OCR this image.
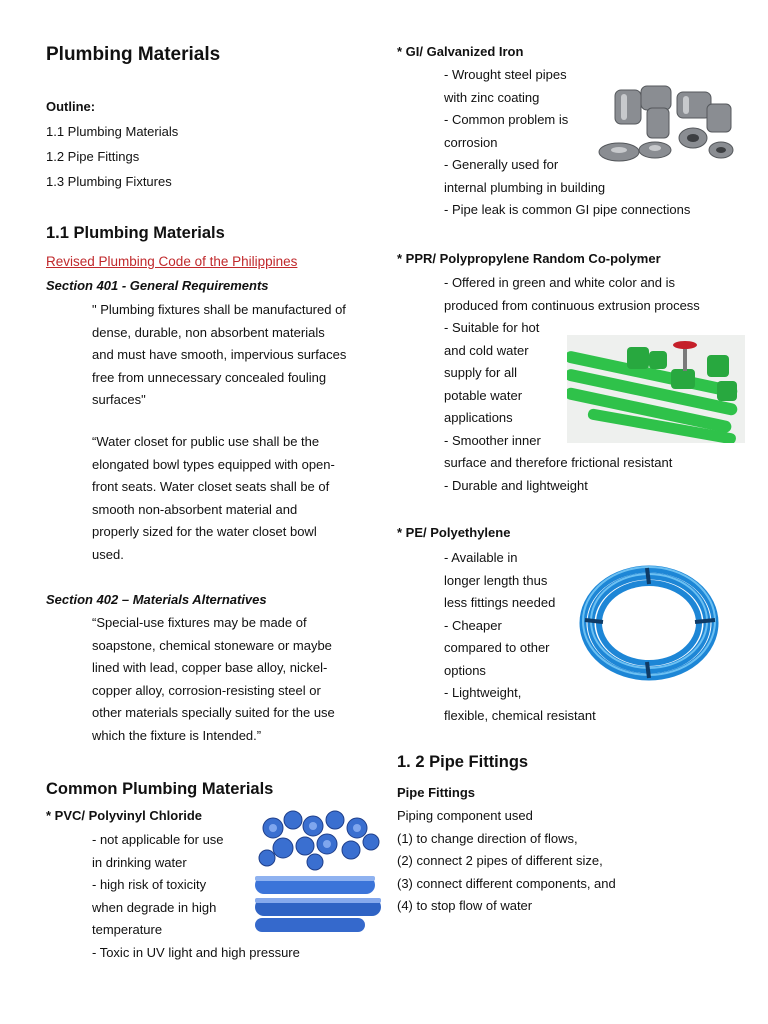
Plumbing Materials
Outline:
1.1 Plumbing Materials
1.2 Pipe Fittings
1.3 Plumbing Fixtures
1.1 Plumbing Materials
Revised Plumbing Code of the Philippines
Section 401 - General Requirements
" Plumbing fixtures shall be manufactured of
dense, durable, non absorbent materials
and must have smooth, impervious surfaces
free from unnecessary concealed fouling
surfaces"
“Water closet for public use shall be the
elongated bowl types equipped with open-
front seats. Water closet seats shall be of
smooth non-absorbent material and
properly sized for the water closet bowl
used.
Section 402 – Materials Alternatives
“Special-use fixtures may be made of
soapstone, chemical stoneware or maybe
lined with lead, copper base alloy, nickel-
copper alloy, corrosion-resisting steel or
other materials specially suited for the use
which the fixture is Intended.”
Common Plumbing Materials
* PVC/ Polyvinyl Chloride
- not applicable for use
in drinking water
- high risk of toxicity
when degrade in high
temperature
- Toxic in UV light and high pressure
* GI/ Galvanized Iron
- Wrought steel pipes
with zinc coating
- Common problem is
corrosion
- Generally used for
internal plumbing in building
- Pipe leak is common GI pipe connections
* PPR/ Polypropylene Random Co-polymer
- Offered in green and white color and is
produced from continuous extrusion process
- Suitable for hot
and cold water
supply for all
potable water
applications
- Smoother inner
surface and therefore frictional resistant
- Durable and lightweight
* PE/ Polyethylene
- Available in
longer length thus
less fittings needed
- Cheaper
compared to other
options
- Lightweight,
flexible, chemical resistant
1. 2 Pipe Fittings
Pipe Fittings
Piping component used
(1) to change direction of flows,
(2) connect 2 pipes of different size,
(3) connect different components, and
(4) to stop flow of water
